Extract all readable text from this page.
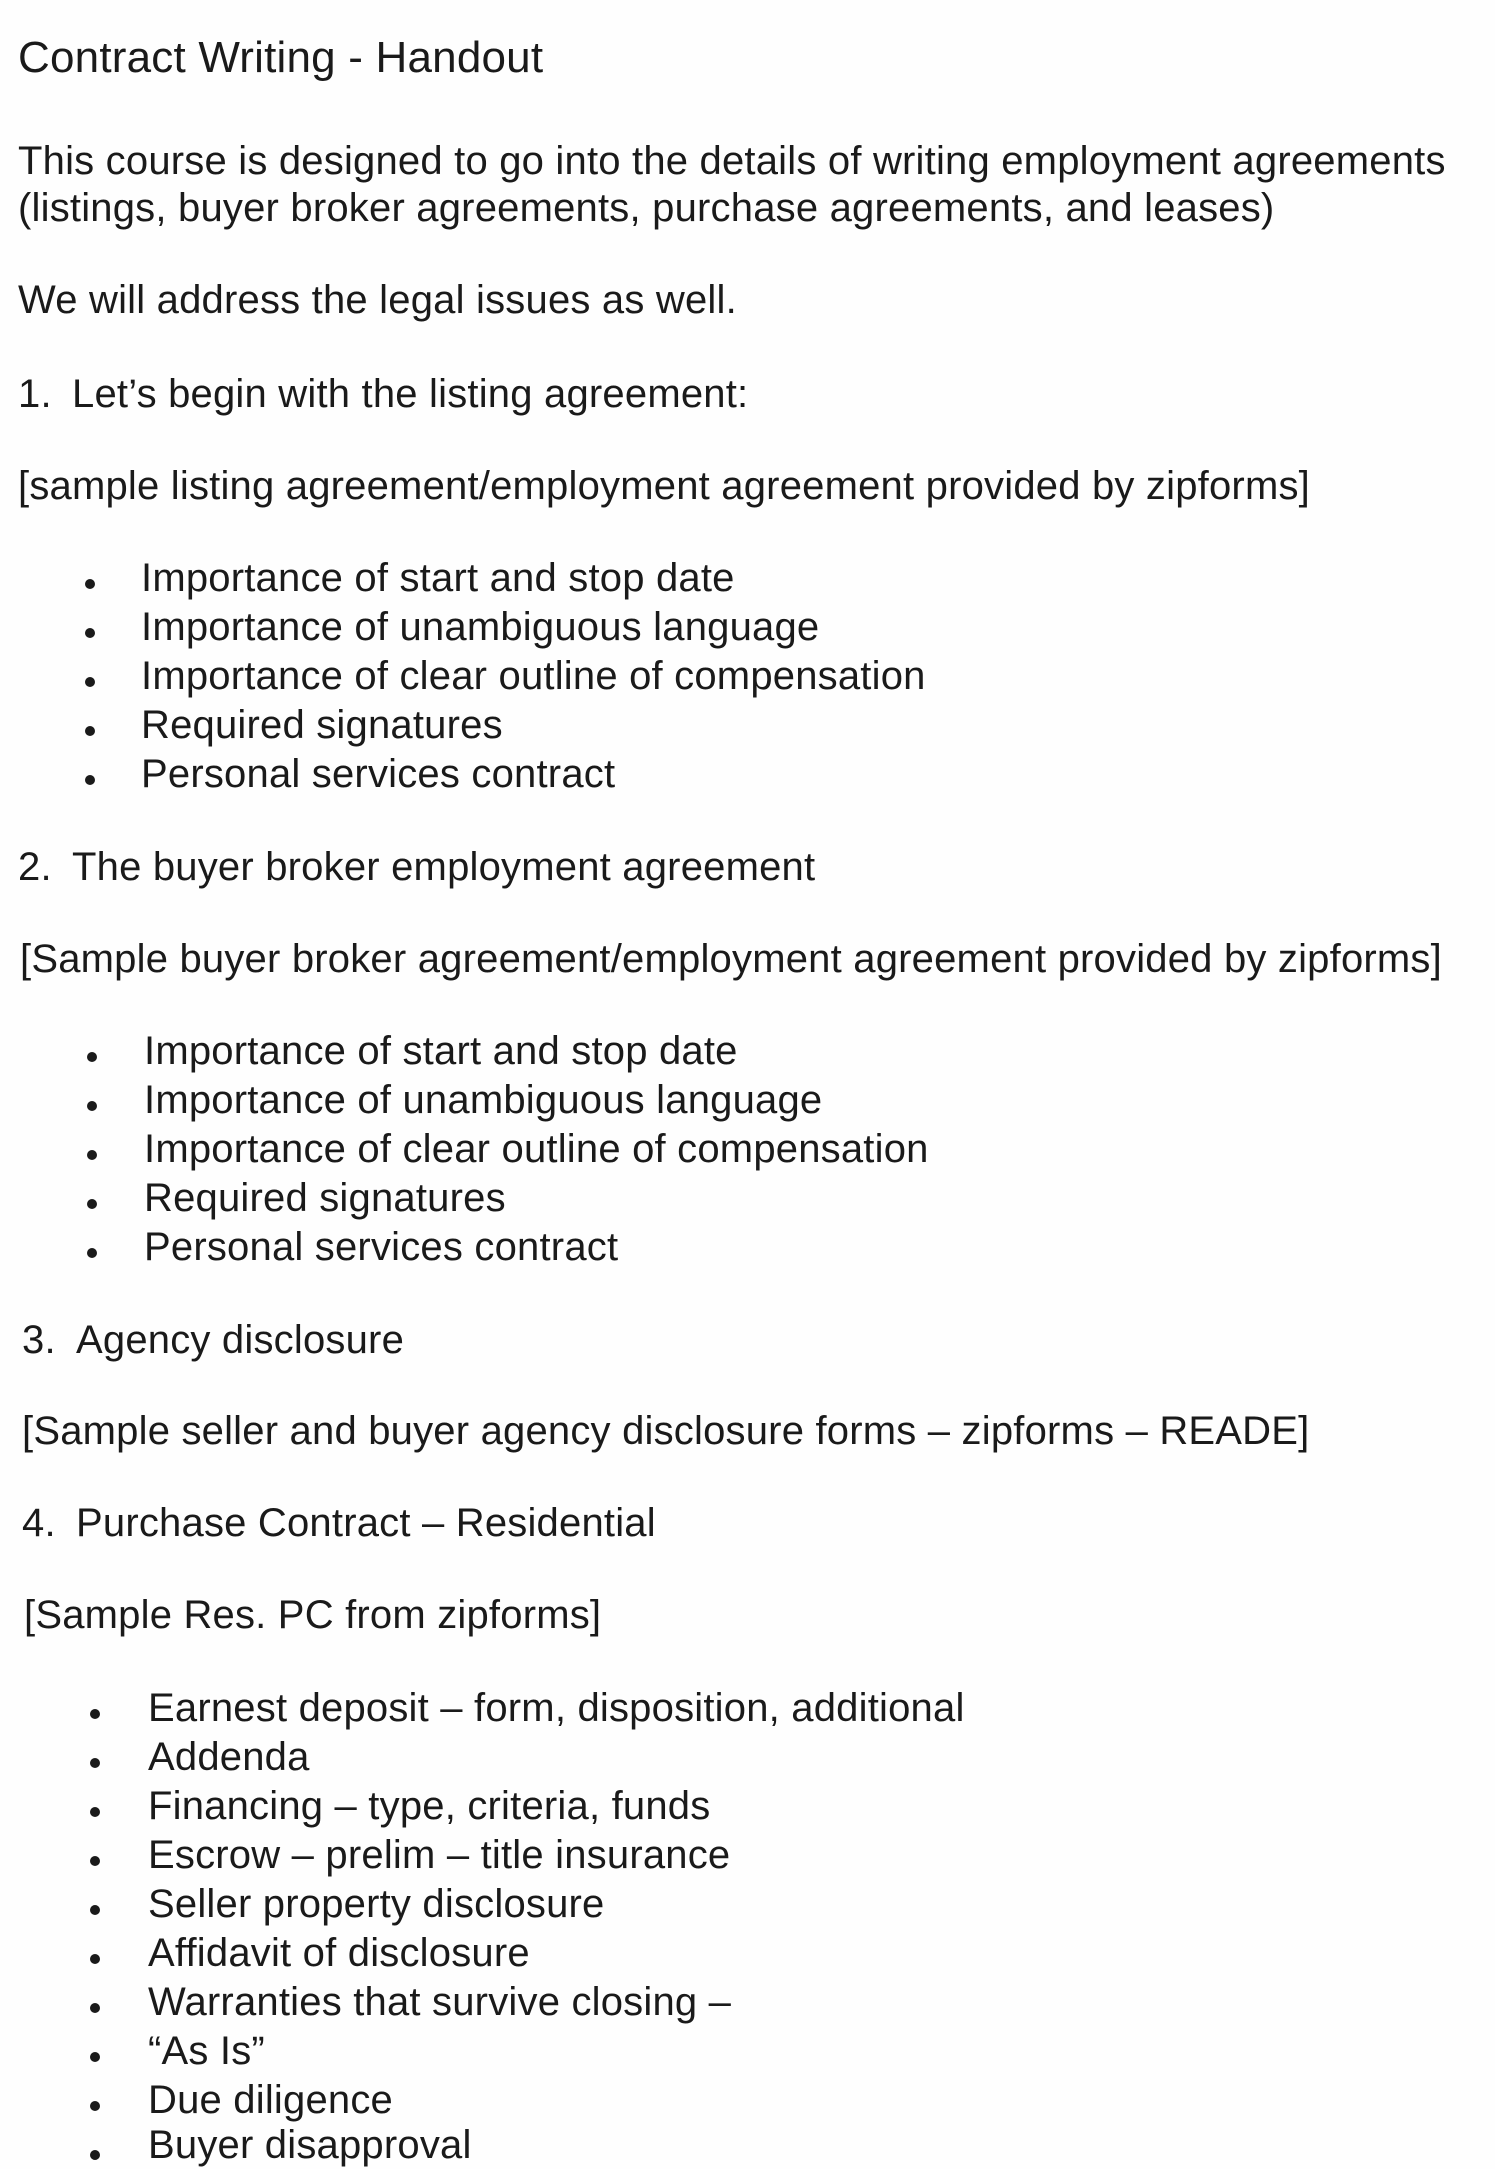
Contract Writing - Handout
This course is designed to go into the details of writing employment agreements
(listings, buyer broker agreements, purchase agreements, and leases)
We will address the legal issues as well.
1. Let’s begin with the listing agreement:
[sample listing agreement/employment agreement provided by zipforms]
Importance of start and stop date
Importance of unambiguous language
Importance of clear outline of compensation
Required signatures
Personal services contract
2. The buyer broker employment agreement
[Sample buyer broker agreement/employment agreement provided by zipforms]
Importance of start and stop date
Importance of unambiguous language
Importance of clear outline of compensation
Required signatures
Personal services contract
3. Agency disclosure
[Sample seller and buyer agency disclosure forms – zipforms – READE]
4. Purchase Contract – Residential
[Sample Res. PC from zipforms]
Earnest deposit – form, disposition, additional
Addenda
Financing – type, criteria, funds
Escrow – prelim – title insurance
Seller property disclosure
Affidavit of disclosure
Warranties that survive closing –
“As Is”
Due diligence
Buyer disapproval
